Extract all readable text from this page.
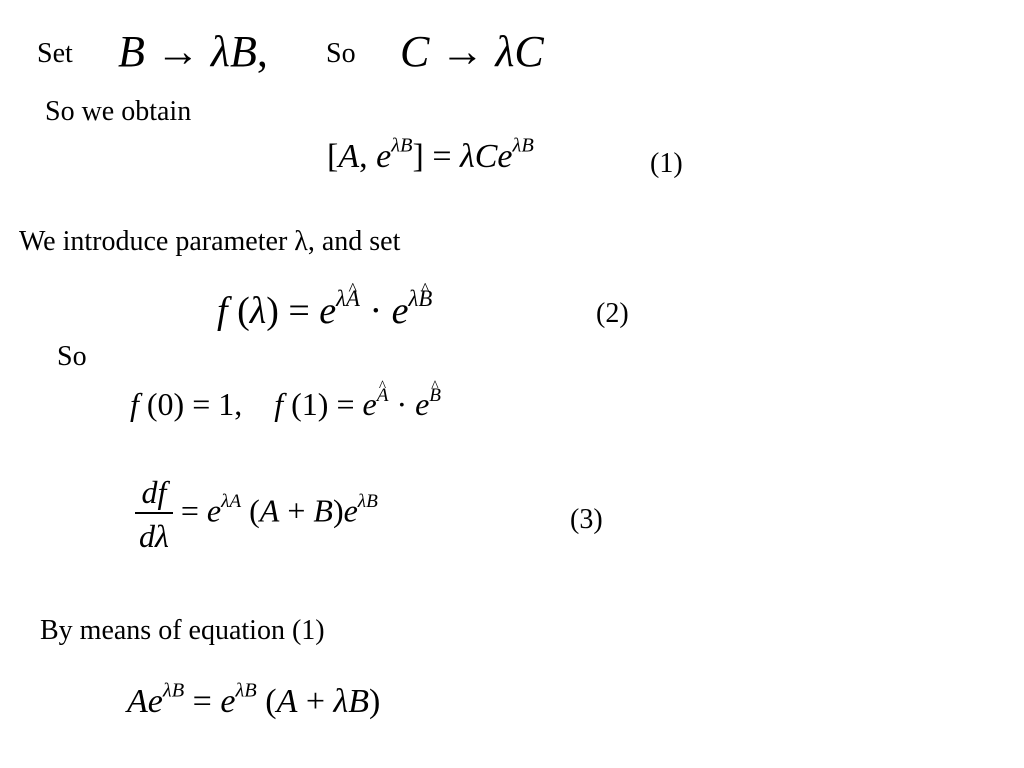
Set B → λB, So C → λC
So we obtain
[A, $e^{\lambda B}] = \lambda Ce^{\lambda B}$
(1)
We introduce parameter λ, and set
f $(\lambda) = e^{\lambda A} \cdot e^{\lambda B}$	(2)
So
f (0) = 1,    f $(1) = e^A \cdot e^B$
$\frac{df}{d\lambda} = e^{\lambda A}$ $(A + B)e^{\lambda B}$
(3)
By means of equation (1)
$Ae^{\lambda B} = e^{\lambda B}$ (A + λB)
